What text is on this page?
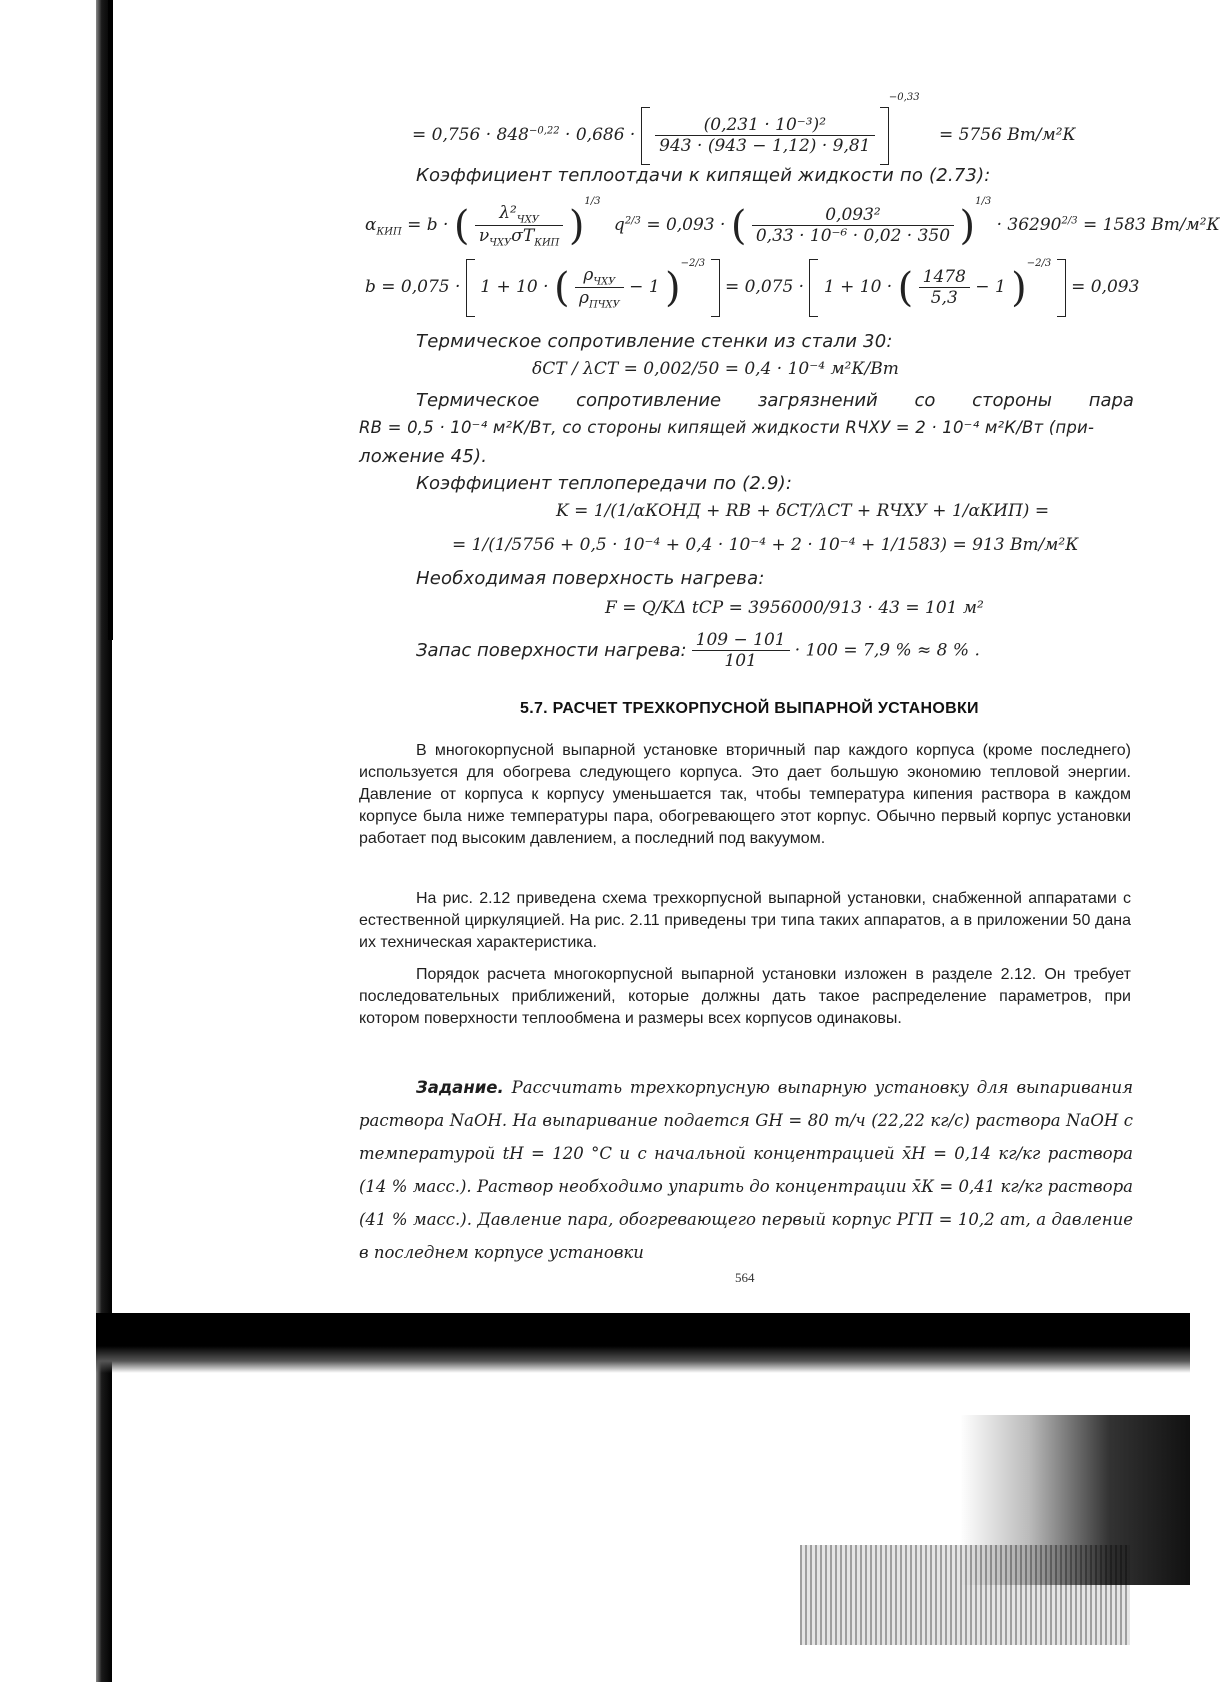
= $0,756 \cdot 848^{-0,22} \cdot 0,686 \cdot \frac{\text{(0,231 · 10⁻³)²}}{943 \cdot (943 - 1,12) \cdot 9,81}$
$^{-0,33}$ = 5756 Вт/м²К
Коэффициент теплоотдачи к кипящей жидкости по (2.73):
$\alpha_{КИП} = b$ · ( $\frac{\lambda^2_{ЧХУ}}{\nu_{ЧХУ}\sigma T_{КИП}} )^{1/3}$ $q^{2/3} = 0,093$ · ( $\frac{\text{0,093²}}{\text{0,33 · 10⁻⁶ · 0,02 · 350}} )^{1/3} \cdot 36290^{2/3} = 1583$ Вт/м²К
b = 0,075 · 1 + 10 · ( $\frac{\rho_{ЧХУ}}{\rho_{ПЧХУ}} - 1$ )$^{-2/3}$  = 0,075 · 1 + 10 · ( $\frac{1478}{5,3} - 1$ )$^{-2/3}$  = 0,093
Термическое сопротивление стенки из стали 30:
δСТ / λСТ = 0,002/50 = 0,4 · 10⁻⁴ м²К/Вт
Термическое сопротивление загрязнений со стороны пара
RВ = 0,5 · 10⁻⁴ м²К/Вт, со стороны кипящей жидкости RЧХУ = 2 · 10⁻⁴ м²К/Вт (при-
ложение 45).
Коэффициент теплопередачи по (2.9):
K = 1/(1/αКОНД + RВ + δСТ/λСТ + RЧХУ + 1/αКИП) =
= 1/(1/5756 + 0,5 · 10⁻⁴ + 0,4 · 10⁻⁴ + 2 · 10⁻⁴ + 1/1583) = 913 Вт/м²К
Необходимая поверхность нагрева:
F = Q/KΔ tСР = 3956000/913 · 43 = 101 м²
Запас поверхности нагрева: $\frac{109 - 101}{101} \cdot 100 = 7,9$ % ≈ 8 % .
5.7. РАСЧЕТ ТРЕХКОРПУСНОЙ ВЫПАРНОЙ УСТАНОВКИ
В многокорпусной выпарной установке вторичный пар каждого корпуса (кроме последнего) используется для обогрева следующего корпуса. Это дает большую экономию тепловой энергии. Давление от корпуса к корпусу уменьшается так, чтобы температура кипения раствора в каждом корпусе была ниже температуры пара, обогревающего этот корпус. Обычно первый корпус установки работает под высоким давлением, а последний под вакуумом.
На рис. 2.12 приведена схема трехкорпусной выпарной установки, снабженной аппаратами с естественной циркуляцией. На рис. 2.11 приведены три типа таких аппаратов, а в приложении 50 дана их техническая характеристика.
Порядок расчета многокорпусной выпарной установки изложен в разделе 2.12. Он требует последовательных приближений, которые должны дать такое распределение параметров, при котором поверхности теплообмена и размеры всех корпусов одинаковы.
Задание. Рассчитать трехкорпусную выпарную установку для выпаривания раствора NaOH. На выпаривание подается GН = 80 т/ч (22,22 кг/с) раствора NaOH с температурой tН = 120 °С и с начальной концентрацией x̄Н = 0,14 кг/кг раствора (14 % масс.). Раствор необходимо упарить до концентрации x̄К = 0,41 кг/кг раствора (41 % масс.). Давление пара, обогревающего первый корпус PГП = 10,2 ат, а давление в последнем корпусе установки
564
